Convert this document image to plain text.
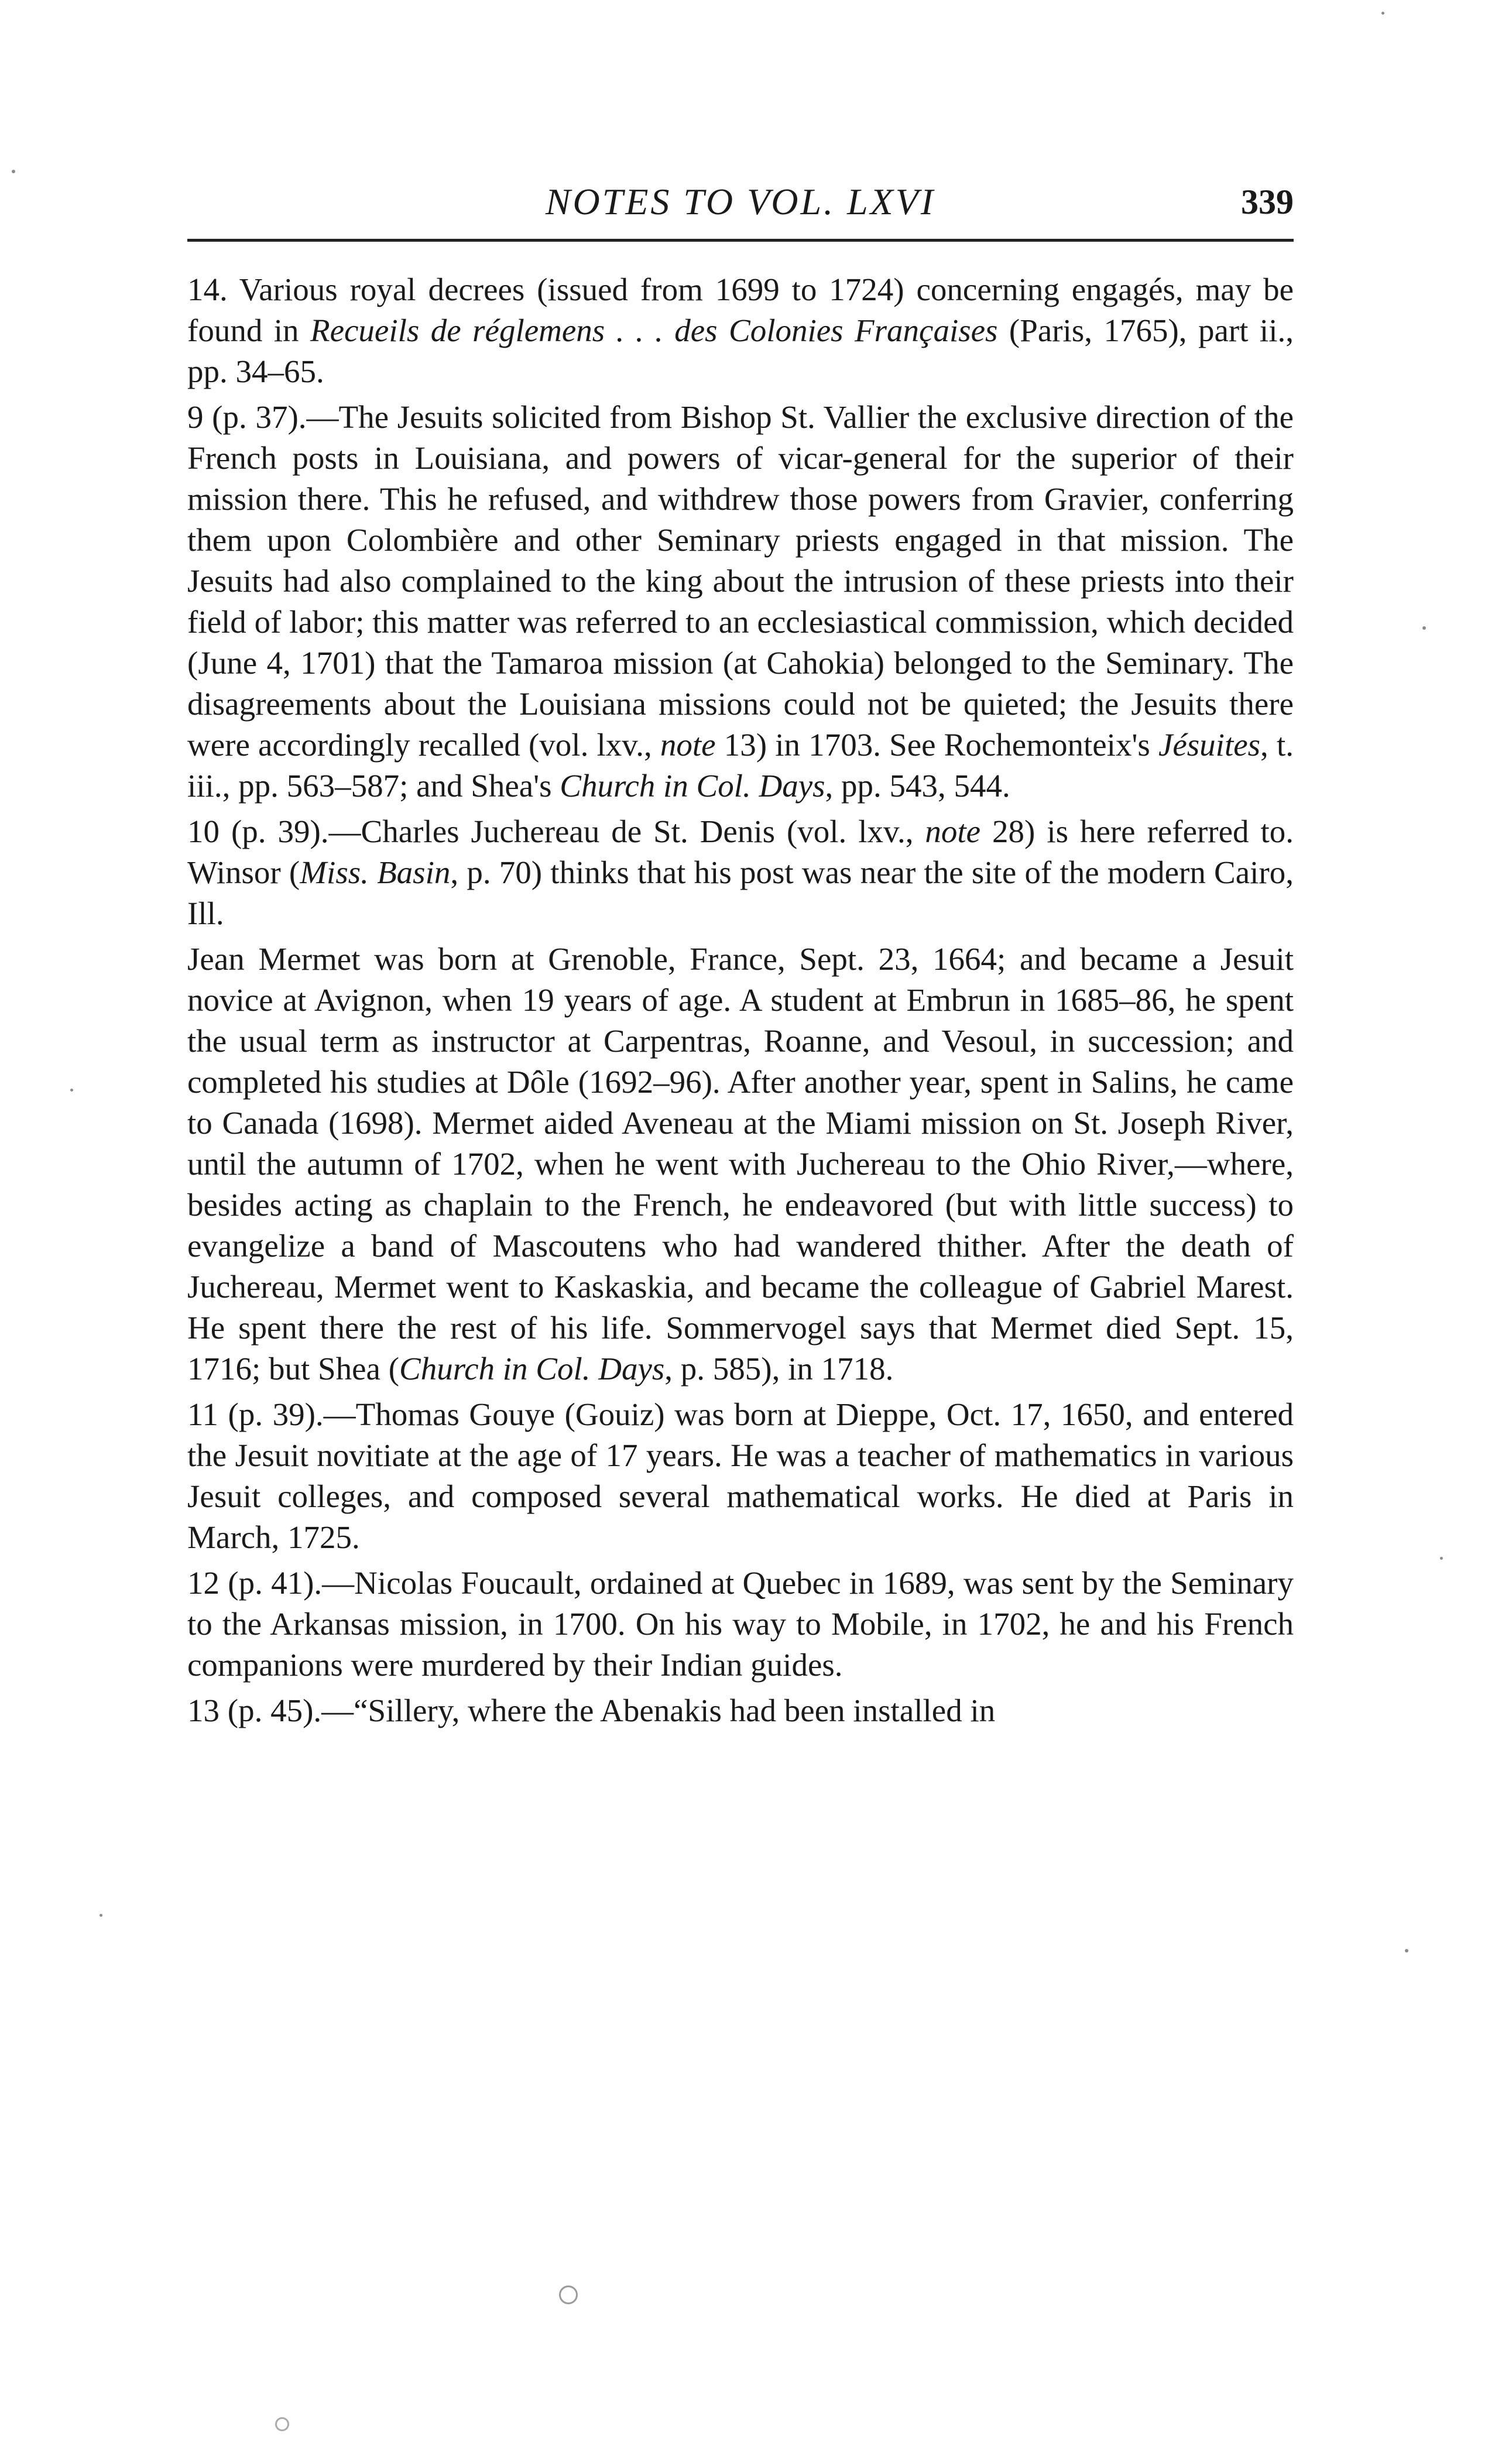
NOTES TO VOL. LXVI	339

14. Various royal decrees (issued from 1699 to 1724) concerning engagés, may be found in Recueils de réglemens . . . des Colonies Françaises (Paris, 1765), part ii., pp. 34–65.

9 (p. 37).—The Jesuits solicited from Bishop St. Vallier the exclusive direction of the French posts in Louisiana, and powers of vicar-general for the superior of their mission there. This he refused, and withdrew those powers from Gravier, conferring them upon Colombière and other Seminary priests engaged in that mission. The Jesuits had also complained to the king about the intrusion of these priests into their field of labor; this matter was referred to an ecclesiastical commission, which decided (June 4, 1701) that the Tamaroa mission (at Cahokia) belonged to the Seminary. The disagreements about the Louisiana missions could not be quieted; the Jesuits there were accordingly recalled (vol. lxv., note 13) in 1703. See Rochemonteix's Jésuites, t. iii., pp. 563–587; and Shea's Church in Col. Days, pp. 543, 544.

10 (p. 39).—Charles Juchereau de St. Denis (vol. lxv., note 28) is here referred to. Winsor (Miss. Basin, p. 70) thinks that his post was near the site of the modern Cairo, Ill.

Jean Mermet was born at Grenoble, France, Sept. 23, 1664; and became a Jesuit novice at Avignon, when 19 years of age. A student at Embrun in 1685–86, he spent the usual term as instructor at Carpentras, Roanne, and Vesoul, in succession; and completed his studies at Dôle (1692–96). After another year, spent in Salins, he came to Canada (1698). Mermet aided Aveneau at the Miami mission on St. Joseph River, until the autumn of 1702, when he went with Juchereau to the Ohio River,—where, besides acting as chaplain to the French, he endeavored (but with little success) to evangelize a band of Mascoutens who had wandered thither. After the death of Juchereau, Mermet went to Kaskaskia, and became the colleague of Gabriel Marest. He spent there the rest of his life. Sommervogel says that Mermet died Sept. 15, 1716; but Shea (Church in Col. Days, p. 585), in 1718.

11 (p. 39).—Thomas Gouye (Gouiz) was born at Dieppe, Oct. 17, 1650, and entered the Jesuit novitiate at the age of 17 years. He was a teacher of mathematics in various Jesuit colleges, and composed several mathematical works. He died at Paris in March, 1725.

12 (p. 41).—Nicolas Foucault, ordained at Quebec in 1689, was sent by the Seminary to the Arkansas mission, in 1700. On his way to Mobile, in 1702, he and his French companions were murdered by their Indian guides.

13 (p. 45).—“Sillery, where the Abenakis had been installed in
